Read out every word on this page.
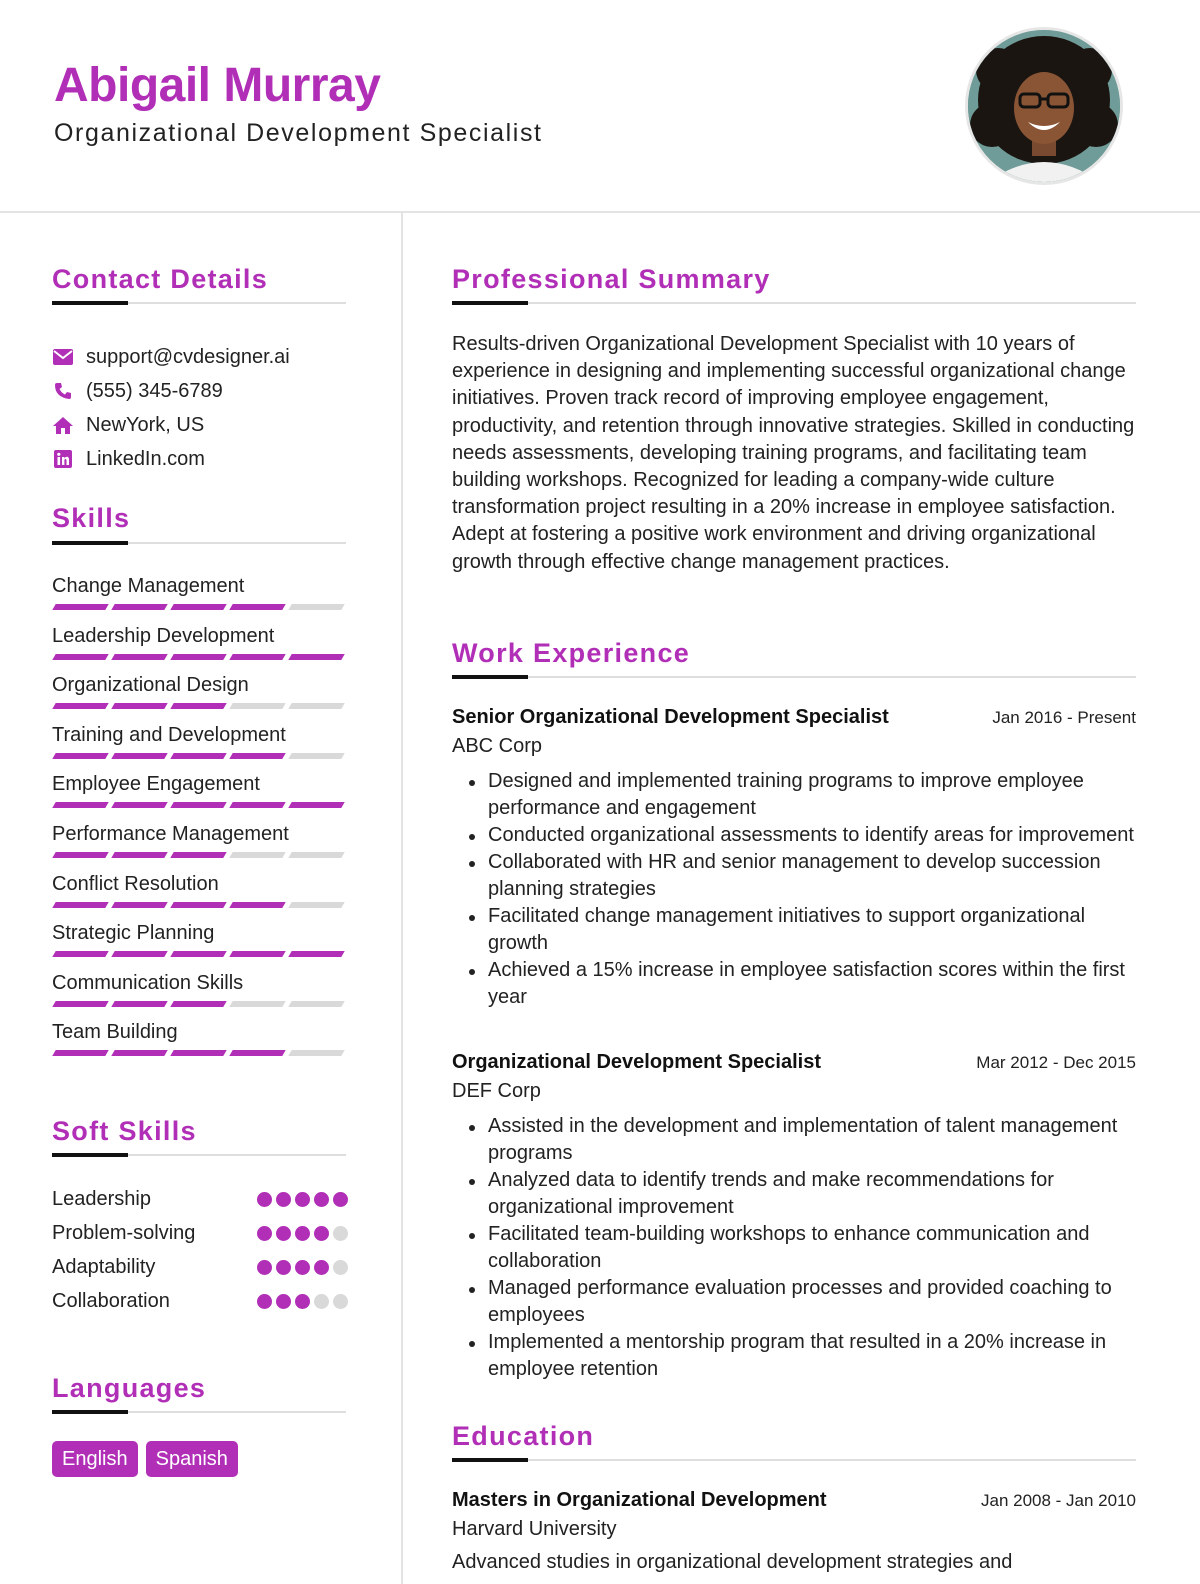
Abigail Murray
Organizational Development Specialist
Contact Details
support@cvdesigner.ai
(555) 345-6789
NewYork, US
LinkedIn.com
Skills
Change Management
Leadership Development
Organizational Design
Training and Development
Employee Engagement
Performance Management
Conflict Resolution
Strategic Planning
Communication Skills
Team Building
Soft Skills
Leadership
Problem-solving
Adaptability
Collaboration
Languages
English	Spanish
Professional Summary
Results-driven Organizational Development Specialist with 10 years of experience in designing and implementing successful organizational change initiatives. Proven track record of improving employee engagement, productivity, and retention through innovative strategies. Skilled in conducting needs assessments, developing training programs, and facilitating team building workshops. Recognized for leading a company-wide culture transformation project resulting in a 20% increase in employee satisfaction. Adept at fostering a positive work environment and driving organizational growth through effective change management practices.
Work Experience
Senior Organizational Development Specialist	Jan 2016 - Present
ABC Corp
Designed and implemented training programs to improve employee performance and engagement
Conducted organizational assessments to identify areas for improvement
Collaborated with HR and senior management to develop succession planning strategies
Facilitated change management initiatives to support organizational growth
Achieved a 15% increase in employee satisfaction scores within the first year
Organizational Development Specialist	Mar 2012 - Dec 2015
DEF Corp
Assisted in the development and implementation of talent management programs
Analyzed data to identify trends and make recommendations for organizational improvement
Facilitated team-building workshops to enhance communication and collaboration
Managed performance evaluation processes and provided coaching to employees
Implemented a mentorship program that resulted in a 20% increase in employee retention
Education
Masters in Organizational Development	Jan 2008 - Jan 2010
Harvard University
Advanced studies in organizational development strategies and
